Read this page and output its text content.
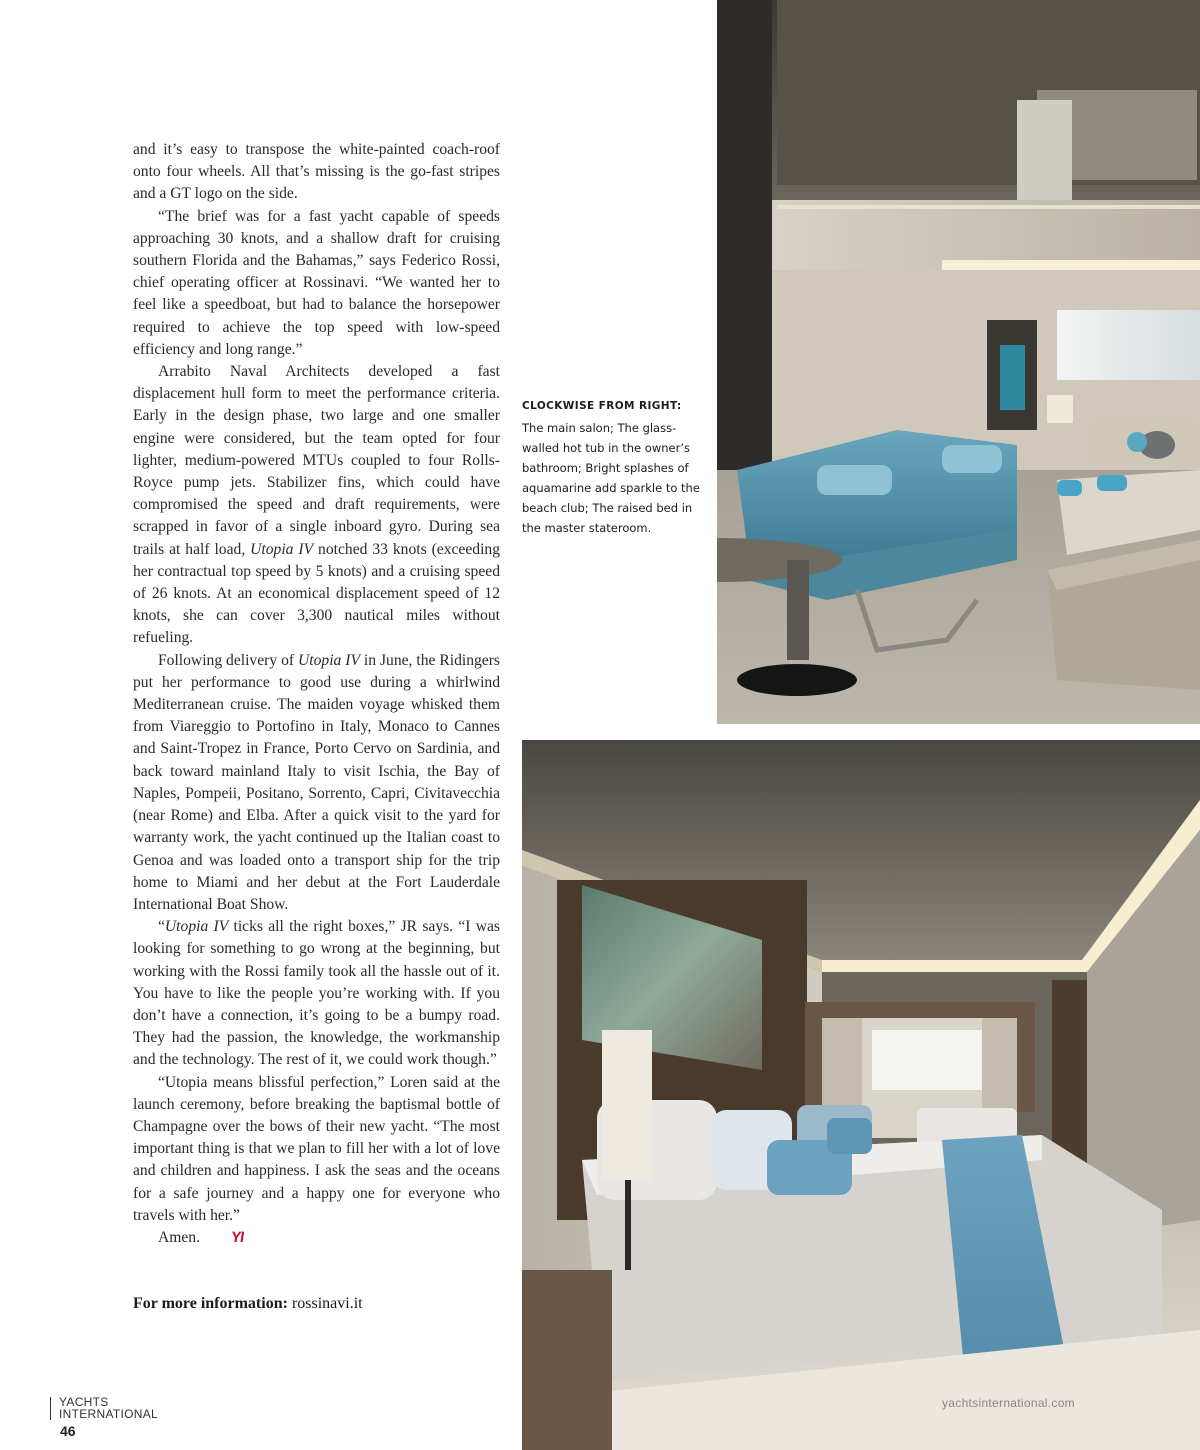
and it’s easy to transpose the white-painted coach-roof onto four wheels. All that’s missing is the go-fast stripes and a GT logo on the side.

“The brief was for a fast yacht capable of speeds approaching 30 knots, and a shallow draft for cruising southern Florida and the Bahamas,” says Federico Rossi, chief operating officer at Rossinavi. “We wanted her to feel like a speedboat, but had to balance the horsepower required to achieve the top speed with low-speed efficiency and long range.”

Arrabito Naval Architects developed a fast displacement hull form to meet the performance criteria. Early in the design phase, two large and one smaller engine were considered, but the team opted for four lighter, medium-powered MTUs coupled to four Rolls-Royce pump jets. Stabilizer fins, which could have compromised the speed and draft requirements, were scrapped in favor of a single inboard gyro. During sea trails at half load, Utopia IV notched 33 knots (exceeding her contractual top speed by 5 knots) and a cruising speed of 26 knots. At an economical displacement speed of 12 knots, she can cover 3,300 nautical miles without refueling.

Following delivery of Utopia IV in June, the Ridingers put her performance to good use during a whirlwind Mediterranean cruise. The maiden voyage whisked them from Viareggio to Portofino in Italy, Monaco to Cannes and Saint-Tropez in France, Porto Cervo on Sardinia, and back toward mainland Italy to visit Ischia, the Bay of Naples, Pompeii, Positano, Sorrento, Capri, Civitavecchia (near Rome) and Elba. After a quick visit to the yard for warranty work, the yacht continued up the Italian coast to Genoa and was loaded onto a transport ship for the trip home to Miami and her debut at the Fort Lauderdale International Boat Show.

“Utopia IV ticks all the right boxes,” JR says. “I was looking for something to go wrong at the beginning, but working with the Rossi family took all the hassle out of it. You have to like the people you’re working with. If you don’t have a connection, it’s going to be a bumpy road. They had the passion, the knowledge, the workmanship and the technology. The rest of it, we could work though.”

“Utopia means blissful perfection,” Loren said at the launch ceremony, before breaking the baptismal bottle of Champagne over the bows of their new yacht. “The most important thing is that we plan to fill her with a lot of love and children and happiness. I ask the seas and the oceans for a safe journey and a happy one for everyone who travels with her.”

Amen. YI

For more information: rossinavi.it
CLOCKWISE FROM RIGHT:
The main salon; The glass-walled hot tub in the owner’s bathroom; Bright splashes of aquamarine add sparkle to the beach club; The raised bed in the master stateroom.
YACHTS
INTERNATIONAL
46
yachtsinternational.com
